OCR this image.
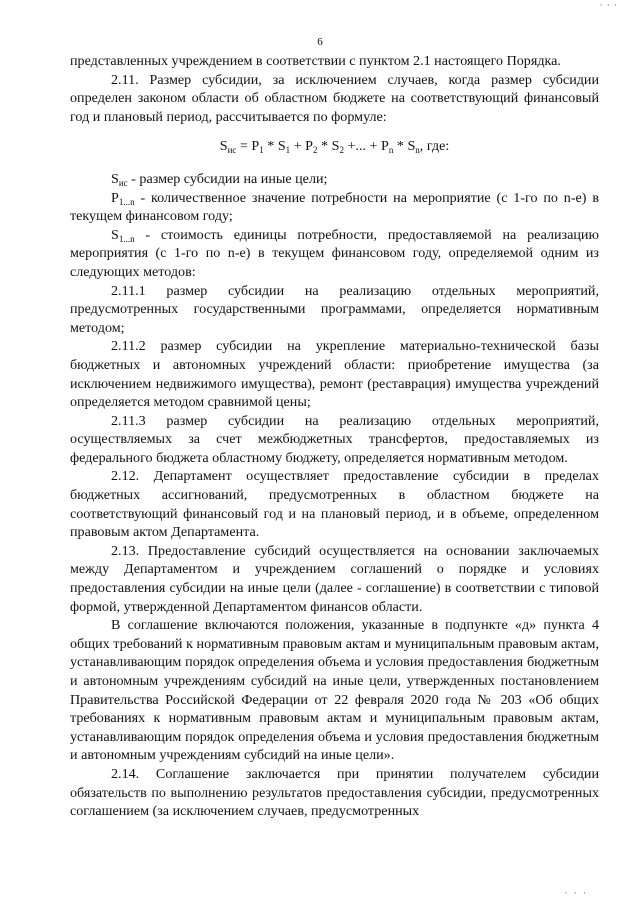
· · ·
6

представленных учреждением в соответствии с пунктом 2.1 настоящего Порядка.

2.11. Размер субсидии, за исключением случаев, когда размер субсидии определен законом области об областном бюджете на соответствующий финансовый год и плановый период, рассчитывается по формуле:

$S_{ис} = P_1 * S_1 + P_2 * S_2$ +... + $P_n * S_n$, где:

$S_{ис}$ - размер субсидии на иные цели;

$P_{1...n}$ - количественное значение потребности на мероприятие (с 1-го по n-е) в текущем финансовом году;

$S_{1...n}$ - стоимость единицы потребности, предоставляемой на реализацию мероприятия (с 1-го по n-е) в текущем финансовом году, определяемой одним из следующих методов:

2.11.1 размер субсидии на реализацию отдельных мероприятий, предусмотренных государственными программами, определяется нормативным методом;

2.11.2 размер субсидии на укрепление материально-технической базы бюджетных и автономных учреждений области: приобретение имущества (за исключением недвижимого имущества), ремонт (реставрация) имущества учреждений определяется методом сравнимой цены;

2.11.3 размер субсидии на реализацию отдельных мероприятий, осуществляемых за счет межбюджетных трансфертов, предоставляемых из федерального бюджета областному бюджету, определяется нормативным методом.

2.12. Департамент осуществляет предоставление субсидии в пределах бюджетных ассигнований, предусмотренных в областном бюджете на соответствующий финансовый год и на плановый период, и в объеме, определенном правовым актом Департамента.

2.13. Предоставление субсидий осуществляется на основании заключаемых между Департаментом и учреждением соглашений о порядке и условиях предоставления субсидии на иные цели (далее - соглашение) в соответствии с типовой формой, утвержденной Департаментом финансов области.

В соглашение включаются положения, указанные в подпункте «д» пункта 4 общих требований к нормативным правовым актам и муниципальным правовым актам, устанавливающим порядок определения объема и условия предоставления бюджетным и автономным учреждениям субсидий на иные цели, утвержденных постановлением Правительства Российской Федерации от 22 февраля 2020 года № 203 «Об общих требованиях к нормативным правовым актам и муниципальным правовым актам, устанавливающим порядок определения объема и условия предоставления бюджетным и автономным учреждениям субсидий на иные цели».

2.14. Соглашение заключается при принятии получателем субсидии обязательств по выполнению результатов предоставления субсидии, предусмотренных соглашением (за исключением случаев, предусмотренных

· · ·
